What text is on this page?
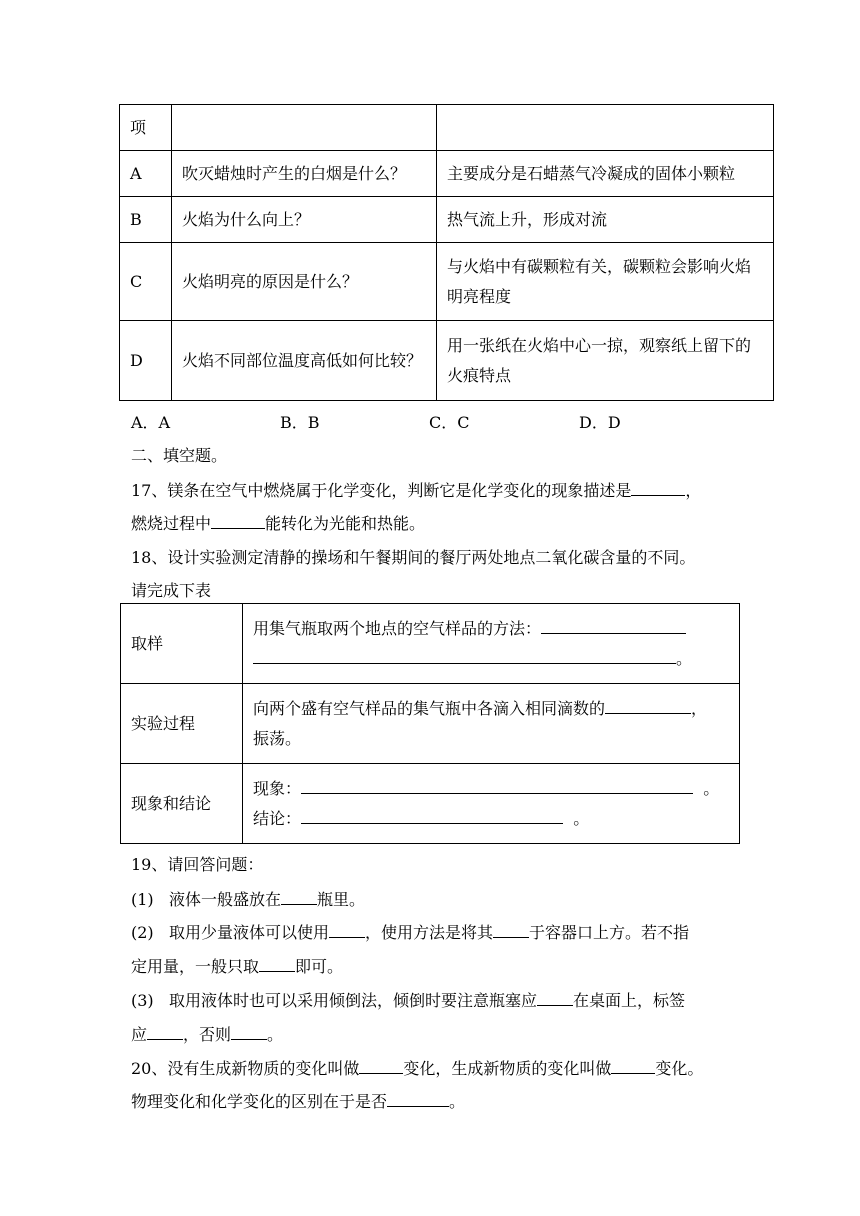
项		
A	吹灭蜡烛时产生的白烟是什么？	主要成分是石蜡蒸气冷凝成的固体小颗粒
B	火焰为什么向上？	热气流上升，形成对流
C	火焰明亮的原因是什么？	与火焰中有碳颗粒有关，碳颗粒会影响火焰明亮程度
D	火焰不同部位温度高低如何比较？	用一张纸在火焰中心一掠，观察纸上留下的火痕特点
A．A	B．B	C．C	D．D
二、填空题。
17、镁条在空气中燃烧属于化学变化，判断它是化学变化的现象描述是	，
燃烧过程中	能转化为光能和热能。
18、设计实验测定清静的操场和午餐期间的餐厅两处地点二氧化碳含量的不同。
请完成下表
取样	用集气瓶取两个地点的空气样品的方法：
。

实验过程	向两个盛有空气样品的集气瓶中各滴入相同滴数的 ，
振荡。

现象和结论	现象： 。
结论： 。
19、请回答问题：
(1) 液体一般盛放在 瓶里。
(2) 取用少量液体可以使用 ，使用方法是将其 于容器口上方。若不指
定用量，一般只取 即可。
(3) 取用液体时也可以采用倾倒法，倾倒时要注意瓶塞应 在桌面上，标签
应 ，否则 。
20、没有生成新物质的变化叫做	变化，生成新物质的变化叫做	变化。
物理变化和化学变化的区别在于是否	。
